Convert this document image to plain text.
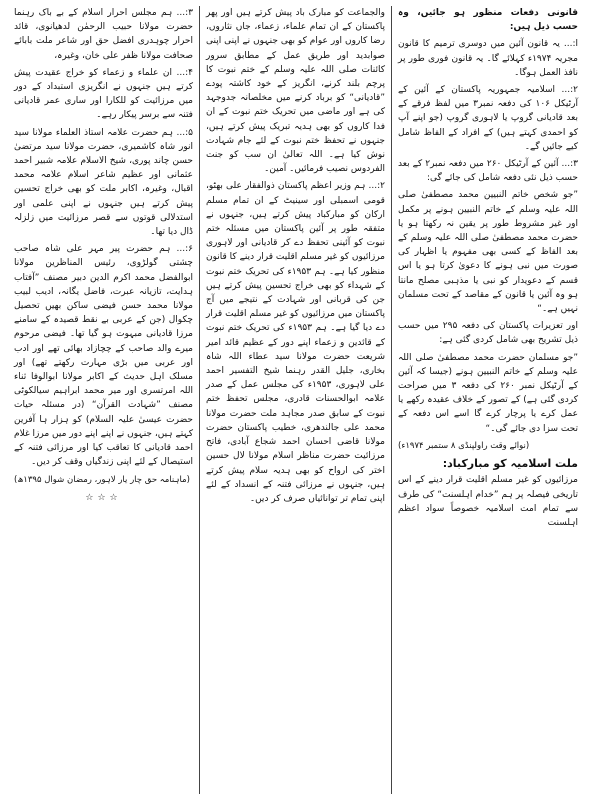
قانونی دفعات منظور ہو جائیں، وہ حسب ذیل ہیں:

ا:... یہ قانون آئین میں دوسری ترمیم کا قانون مجریہ ۱۹۷۴ء کہلائے گا۔ یہ قانون فوری طور پر نافذ العمل ہوگا۔

۲:... اسلامیہ جمہوریہ پاکستان کے آئین کے آرٹیکل ۱۰۶ کی دفعہ نمبر۳ میں لفظ فرقے کے بعد قادیانی گروپ یا لاہوری گروپ (جو اپنے آپ کو احمدی کہتے ہیں) کے افراد کے الفاظ شامل کیے جائیں گے۔

۳:... آئین کے آرٹیکل ۲۶۰ میں دفعہ نمبر۲ کے بعد حسب ذیل نئی دفعہ شامل کی جائے گی:

”جو شخص خاتم النبیین محمد مصطفیٰ صلی اللہ علیہ وسلم کے خاتم النبیین ہونے پر مکمل اور غیر مشروط طور پر یقین نہ رکھتا ہو یا حضرت محمد مصطفیٰ صلی اللہ علیہ وسلم کے بعد الفاظ کے کسی بھی مفہوم یا اظہار کی صورت میں نبی ہونے کا دعویٰ کرتا ہو یا اس قسم کے دعویدار کو نبی یا مذہبی مصلح مانتا ہو وہ آئین یا قانون کے مقاصد کے تحت مسلمان نہیں ہے۔“

اور تعزیرات پاکستان کی دفعہ ۲۹۵ میں حسب ذیل تشریح بھی شامل کردی گئی ہے:

”جو مسلمان حضرت محمد مصطفیٰ صلی اللہ علیہ وسلم کے خاتم النبیین ہونے (جیسا کہ آئین کے آرٹیکل نمبر ۲۶۰ کی دفعہ ۳ میں صراحت کردی گئی ہے) کے تصور کے خلاف عقیدہ رکھے یا عمل کرے یا پرچار کرے گا اسے اس دفعہ کے تحت سزا دی جائے گی۔“

(نوائے وقت راولپنڈی ۸ ستمبر ۱۹۷۴ء)
ملت اسلامیہ کو مبارکباد:

مرزائیوں کو غیر مسلم اقلیت قرار دینے کے اس تاریخی فیصلہ پر ہم ”خدام اہلسنت“ کی طرف سے تمام امت اسلامیہ خصوصاً سواد اعظم اہلسنت

والجماعت کو مبارک باد پیش کرتے ہیں اور پھر پاکستان کے ان تمام علماء، زعماء، جاں نثاروں، رضا کاروں اور عوام کو بھی جنہوں نے اپنی اپنی صوابدید اور طریق عمل کے مطابق سرور کائنات صلی اللہ علیہ وسلم کے ختم نبوت کا پرچم بلند کرنے، انگریز کے خود کاشتہ پودے ”قادیانی“ کو برباد کرنے میں مخلصانہ جدوجہد کی ہے اور ماضی میں تحریک ختم نبوت کے ان فدا کاروں کو بھی ہدیہ تبریک پیش کرتے ہیں، جنہوں نے تحفظ ختم نبوت کے لئے جام شہادت نوش کیا ہے۔ اللہ تعالیٰ ان سب کو جنت الفردوس نصیب فرمائیں۔ آمین۔

۲:... ہم وزیر اعظم پاکستان ذوالفقار علی بھٹو، قومی اسمبلی اور سینیٹ کے ان تمام مسلم ارکان کو مبارکباد پیش کرتے ہیں، جنہوں نے متفقہ طور پر آئین پاکستان میں مسئلہ ختم نبوت کو آئینی تحفظ دے کر قادیانی اور لاہوری مرزائیوں کو غیر مسلم اقلیت قرار دینے کا قانون منظور کیا ہے۔ ہم ۱۹۵۳ء کی تحریک ختم نبوت کے شہداء کو بھی خراج تحسین پیش کرتے ہیں جن کی قربانی اور شہادت کے نتیجے میں آج پاکستان میں مرزائیوں کو غیر مسلم اقلیت قرار دے دیا گیا ہے۔ ہم ۱۹۵۳ء کی تحریک ختم نبوت کے قائدین و زعماء اپنے دور کے عظیم قائد امیر شریعت حضرت مولانا سید عطاء اللہ شاہ بخاری، جلیل القدر رہنما شیخ التفسیر احمد علی لاہوری، ۱۹۵۳ء کی مجلس عمل کے صدر علامہ ابوالحسنات قادری، مجلس تحفظ ختم نبوت کے سابق صدر مجاہد ملت حضرت مولانا محمد علی جالندھری، خطیب پاکستان حضرت مولانا قاضی احسان احمد شجاع آبادی، فاتح مرزائیت حضرت مناظر اسلام مولانا لال حسین اختر کی ارواح کو بھی ہدیہ سلام پیش کرتے ہیں، جنہوں نے مرزائی فتنہ کے انسداد کے لئے اپنی تمام تر توانائیاں صرف کر دیں۔

۳:... ہم مجلس احرار اسلام کے بے باک رہنما حضرت مولانا حبیب الرحمٰن لدھیانوی، قائد احرار چوہدری افضل حق اور شاعر ملت بابائے صحافت مولانا ظفر علی خان، وغیرہ،

۴:... ان علماء و زعماء کو خراج عقیدت پیش کرتے ہیں جنہوں نے انگریزی استبداد کے دور میں مرزائیت کو للکارا اور ساری عمر قادیانی فتنہ سے برسر پیکار رہے۔

۵:... ہم حضرت علامہ استاذ العلماء مولانا سید انور شاہ کاشمیری، حضرت مولانا سید مرتضیٰ حسن چاند پوری، شیخ الاسلام علامہ شبیر احمد عثمانی اور عظیم شاعر اسلام علامہ محمد اقبال، وغیرہ، اکابر ملت کو بھی خراج تحسین پیش کرتے ہیں جنہوں نے اپنی علمی اور استدلالی قوتوں سے قصر مرزائیت میں زلزلہ ڈال دیا تھا۔

۶:... ہم حضرت پیر مہر علی شاہ صاحب چشتی گولڑوی، رئیس المناظرین مولانا ابوالفضل محمد اکرم الدین دبیر مصنف ”آفتاب ہدایت، تازیانہ عبرت، فاضل یگانہ، ادیب لبیب مولانا محمد حسن فیضی ساکن بھیں تحصیل چکوال (جن کے عربی بے نقط قصیدہ کے سامنے مرزا قادیانی مبہوت ہو گیا تھا۔ فیضی مرحوم میرے والد صاحب کے چچازاد بھائی تھے اور ادب اور عربی میں بڑی مہارت رکھتے تھے) اور مسلک اہل حدیث کے اکابر مولانا ابوالوفا ثناء اللہ امرتسری اور میر محمد ابراہیم سیالکوٹی مصنف ”شہادت القرآن“ (در مسئلہ حیات حضرت عیسیٰ علیہ السلام) کو ہزار ہا آفرین کہتے ہیں، جنہوں نے اپنے اپنے دور میں مرزا غلام احمد قادیانی کا تعاقب کیا اور مرزائی فتنہ کے استیصال کے لئے اپنی زندگیاں وقف کر دیں۔

(ماہنامہ حق چار یار لاہور، رمضان شوال ۱۳۹۵ھ)
☆☆☆
